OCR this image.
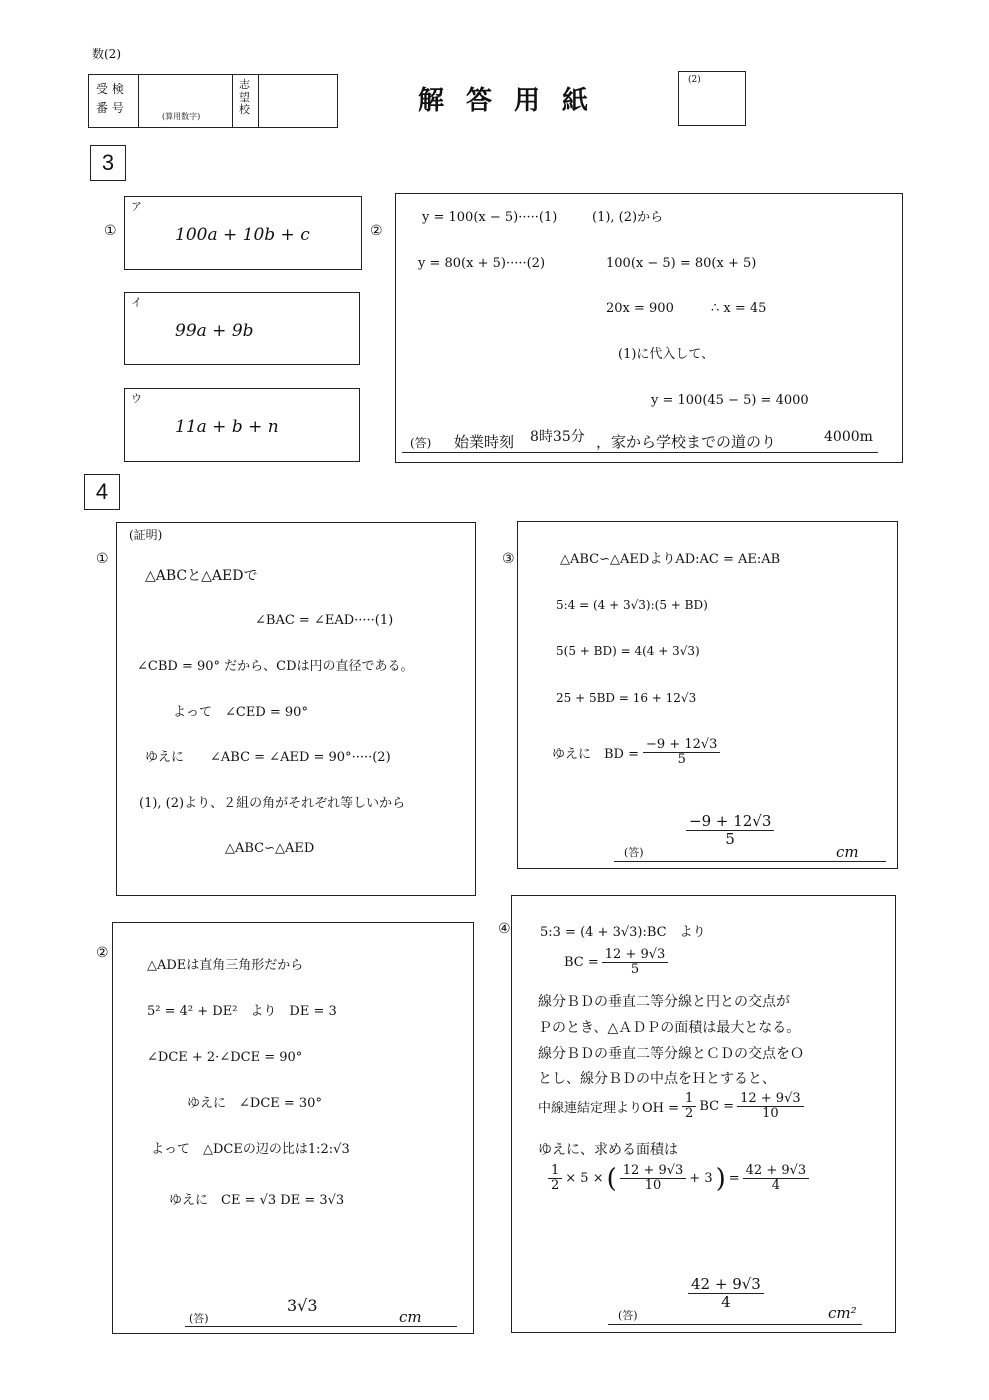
数(2)
受 検
番 号
(算用数字)
志
望
校	解答用紙
(2)
3
①
ア
100a + 10b + c
イ
99a + 9b
ウ
11a + b + n
②
y = 100(x − 5)·····(1)	(1), (2)から
y = 80(x + 5)·····(2)	100(x − 5) = 80(x + 5)
20x = 900	∴ x = 45
(1)に代入して、
y = 100(45 − 5) = 4000
(答) 始業時刻 8時35分 ，家から学校までの道のり	4000m
4
①
(証明)
△ABCと△AEDで
∠BAC = ∠EAD·····(1)
∠CBD = 90° だから、CDは円の直径である。
よって　∠CED = 90°
ゆえに　　∠ABC = ∠AED = 90°·····(2)
(1), (2)より、２組の角がそれぞれ等しいから
△ABC∽△AED
③	△ABC∽△AEDよりAD:AC = AE:AB
5:4 = (4 + 3√3):(5 + BD)
5(5 + BD) = 4(4 + 3√3)
25 + 5BD = 16 + 12√3
ゆえに　BD = $\frac{-9 + 12√3}{5}$
(答)
$\frac{-9 + 12√3}{5}$
cm
②
△ADEは直角三角形だから
5² = 4² + DE²　より　DE = 3
∠DCE + 2·∠DCE = 90°
ゆえに　∠DCE = 30°
よって　△DCEの辺の比は1:2:√3
ゆえに　CE = √3 DE = 3√3
(答)
3√3
cm
④ 5:3 = (4 + 3√3):BC　より
BC = $\frac{12 + 9√3}{5}$
線分ＢＤの垂直二等分線と円との交点が
Ｐのとき、△ＡＤＰの面積は最大となる。
線分ＢＤの垂直二等分線とＣＤの交点をＯ
とし、線分ＢＤの中点をＨとすると、
中線連結定理よりOH = $\frac{1}{2}$ BC = $\frac{12 + 9√3}{10}$
ゆえに、求める面積は
$\frac{1}{2} \times 5$ × ( $\frac{12 + 9√3}{10} + 3$ ) = $\frac{42 + 9√3}{4}$
(答)
$\frac{42 + 9√3}{4}$
cm²
